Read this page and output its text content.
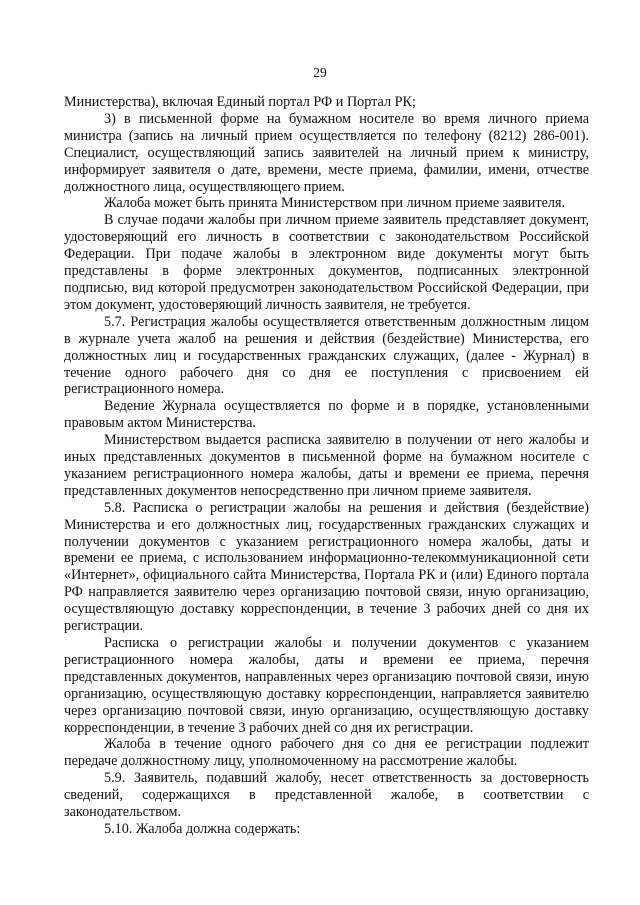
29

Министерства), включая Единый портал РФ и Портал РК;

3) в письменной форме на бумажном носителе во время личного приема министра (запись на личный прием осуществляется по телефону (8212) 286-001). Специалист, осуществляющий запись заявителей на личный прием к министру, информирует заявителя о дате, времени, месте приема, фамилии, имени, отчестве должностного лица, осуществляющего прием.

Жалоба может быть принята Министерством при личном приеме заявителя.

В случае подачи жалобы при личном приеме заявитель представляет документ, удостоверяющий его личность в соответствии с законодательством Российской Федерации. При подаче жалобы в электронном виде документы могут быть представлены в форме электронных документов, подписанных электронной подписью, вид которой предусмотрен законодательством Российской Федерации, при этом документ, удостоверяющий личность заявителя, не требуется.

5.7. Регистрация жалобы осуществляется ответственным должностным лицом в журнале учета жалоб на решения и действия (бездействие) Министерства, его должностных лиц и государственных гражданских служащих, (далее - Журнал) в течение одного рабочего дня со дня ее поступления с присвоением ей регистрационного номера.

Ведение Журнала осуществляется по форме и в порядке, установленными правовым актом Министерства.

Министерством выдается расписка заявителю в получении от него жалобы и иных представленных документов в письменной форме на бумажном носителе с указанием регистрационного номера жалобы, даты и времени ее приема, перечня представленных документов непосредственно при личном приеме заявителя.

5.8. Расписка о регистрации жалобы на решения и действия (бездействие) Министерства и его должностных лиц, государственных гражданских служащих и получении документов с указанием регистрационного номера жалобы, даты и времени ее приема, с использованием информационно-телекоммуникационной сети «Интернет», официального сайта Министерства, Портала РК и (или) Единого портала РФ направляется заявителю через организацию почтовой связи, иную организацию, осуществляющую доставку корреспонденции, в течение 3 рабочих дней со дня их регистрации.

Расписка о регистрации жалобы и получении документов с указанием регистрационного номера жалобы, даты и времени ее приема, перечня представленных документов, направленных через организацию почтовой связи, иную организацию, осуществляющую доставку корреспонденции, направляется заявителю через организацию почтовой связи, иную организацию, осуществляющую доставку корреспонденции, в течение 3 рабочих дней со дня их регистрации.

Жалоба в течение одного рабочего дня со дня ее регистрации подлежит передаче должностному лицу, уполномоченному на рассмотрение жалобы.

5.9. Заявитель, подавший жалобу, несет ответственность за достоверность сведений, содержащихся в представленной жалобе, в соответствии с законодательством.

5.10. Жалоба должна содержать:
